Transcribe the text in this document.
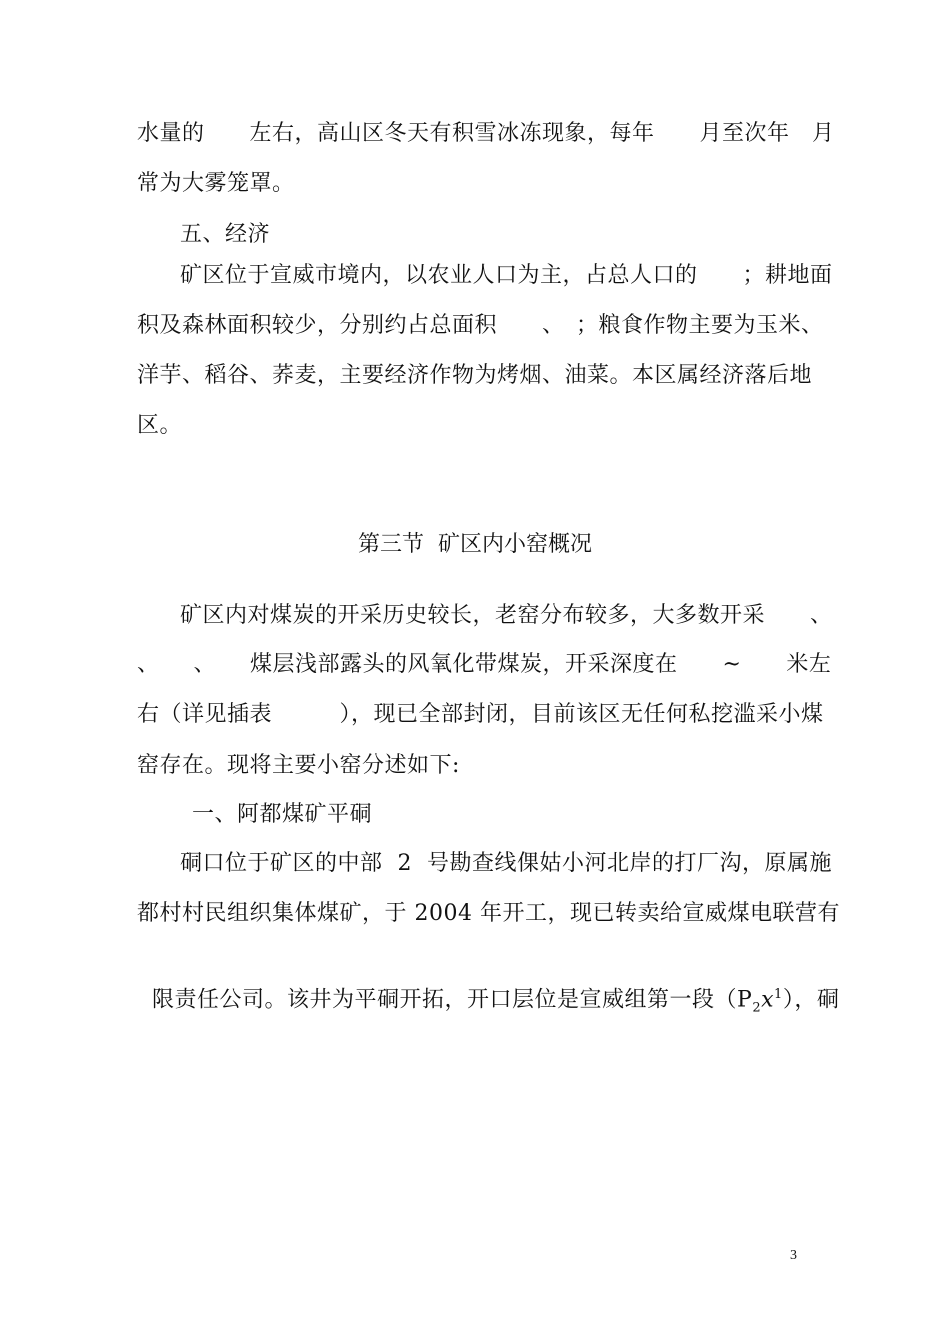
水量的　　左右，高山区冬天有积雪冰冻现象，每年　　月至次年　月
常为大雾笼罩。
五、经济
矿区位于宣威市境内，以农业人口为主，占总人口的　　；耕地面
积及森林面积较少，分别约占总面积　　、　；粮食作物主要为玉米、
洋芋、稻谷、荞麦，主要经济作物为烤烟、油菜。本区属经济落后地
区。
第三节  矿区内小窑概况
矿区内对煤炭的开采历史较长，老窑分布较多，大多数开采　　、
、　　、　　煤层浅部露头的风氧化带煤炭，开采深度在　　~　　米左
右（详见插表　　　），现已全部封闭，目前该区无任何私挖滥采小煤
窑存在。现将主要小窑分述如下:
一、阿都煤矿平硐
硐口位于矿区的中部  2  号勘查线倮姑小河北岸的打厂沟，原属施
都村村民组织集体煤矿，于 2004 年开工，现已转卖给宣威煤电联营有

限责任公司。该井为平硐开拓，开口层位是宣威组第一段$(P_2x^1)$，硐

3
